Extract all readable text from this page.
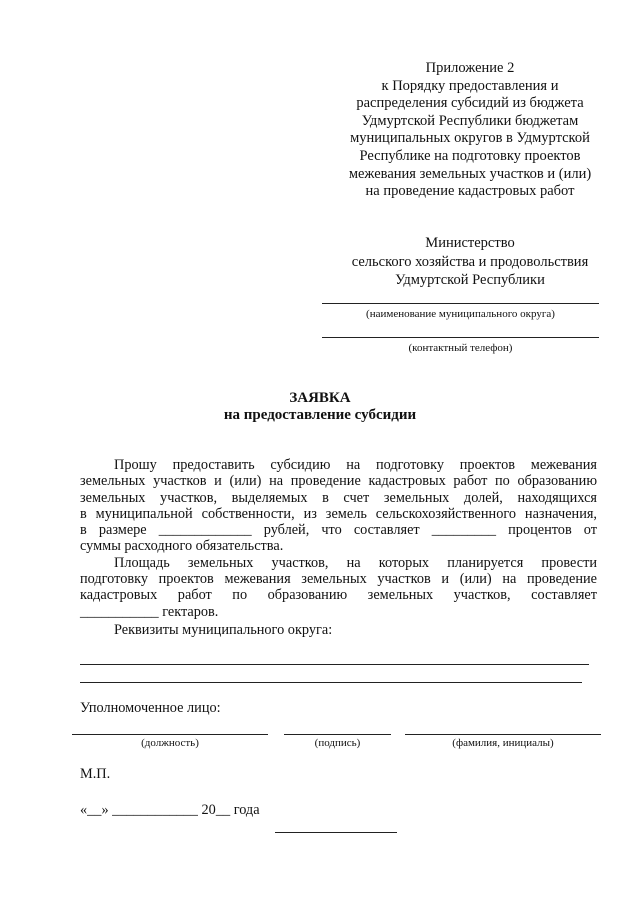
Приложение 2
к Порядку предоставления и
распределения субсидий из бюджета
Удмуртской Республики бюджетам
муниципальных округов в Удмуртской
Республике на подготовку проектов
межевания земельных участков и (или)
на проведение кадастровых работ
Министерство
сельского хозяйства и продовольствия
Удмуртской Республики
(наименование муниципального округа)
(контактный телефон)
ЗАЯВКА
на предоставление субсидии
Прошу предоставить субсидию на подготовку проектов межевания
земельных участков и (или) на проведение кадастровых работ по образованию
земельных участков, выделяемых в счет земельных долей, находящихся
в муниципальной собственности, из земель сельскохозяйственного назначения,
в размере _____________ рублей, что составляет _________ процентов от
суммы расходного обязательства.
Площадь земельных участков, на которых планируется провести
подготовку проектов межевания земельных участков и (или) на проведение
кадастровых работ по образованию земельных участков, составляет
___________ гектаров.
Реквизиты муниципального округа:
Уполномоченное лицо:
(должность)	(подпись)	(фамилия, инициалы)
М.П.
«__» ____________ 20__ года
